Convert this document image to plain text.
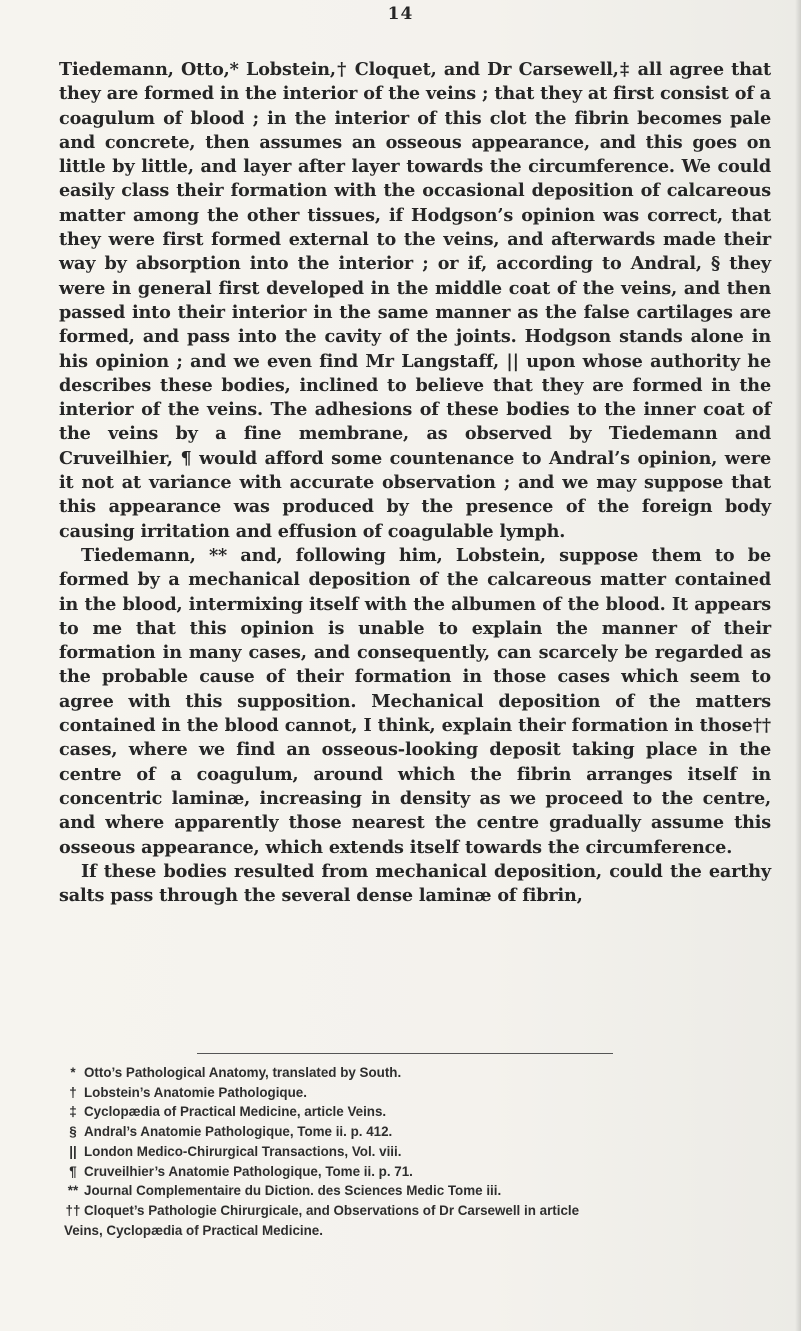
14

Tiedemann, Otto,* Lobstein,† Cloquet, and Dr Carsewell,‡ all agree that they are formed in the interior of the veins ; that they at first consist of a coagulum of blood ; in the interior of this clot the fibrin becomes pale and concrete, then assumes an osseous appearance, and this goes on little by little, and layer after layer towards the circumference. We could easily class their formation with the occasional deposition of calcareous matter among the other tissues, if Hodgson’s opinion was correct, that they were first formed external to the veins, and afterwards made their way by absorption into the interior ; or if, according to Andral, § they were in general first developed in the middle coat of the veins, and then passed into their interior in the same manner as the false cartilages are formed, and pass into the cavity of the joints. Hodgson stands alone in his opinion ; and we even find Mr Langstaff, || upon whose authority he describes these bodies, inclined to believe that they are formed in the interior of the veins. The adhesions of these bodies to the inner coat of the veins by a fine membrane, as observed by Tiedemann and Cruveilhier, ¶ would afford some countenance to Andral’s opinion, were it not at variance with accurate observation ; and we may suppose that this appearance was produced by the presence of the foreign body causing irritation and effusion of coagulable lymph.

Tiedemann, ** and, following him, Lobstein, suppose them to be formed by a mechanical deposition of the calcareous matter contained in the blood, intermixing itself with the albumen of the blood. It appears to me that this opinion is unable to explain the manner of their formation in many cases, and consequently, can scarcely be regarded as the probable cause of their formation in those cases which seem to agree with this supposition. Mechanical deposition of the matters contained in the blood cannot, I think, explain their formation in those†† cases, where we find an osseous-looking deposit taking place in the centre of a coagulum, around which the fibrin arranges itself in concentric laminæ, increasing in density as we proceed to the centre, and where apparently those nearest the centre gradually assume this osseous appearance, which extends itself towards the circumference.

If these bodies resulted from mechanical deposition, could the earthy salts pass through the several dense laminæ of fibrin,

* Otto’s Pathological Anatomy, translated by South.
† Lobstein’s Anatomie Pathologique.
‡ Cyclopædia of Practical Medicine, article Veins.
§ Andral’s Anatomie Pathologique, Tome ii. p. 412.
|| London Medico-Chirurgical Transactions, Vol. viii.
¶ Cruveilhier’s Anatomie Pathologique, Tome ii. p. 71.
** Journal Complementaire du Diction. des Sciences Medic Tome iii.
†† Cloquet’s Pathologie Chirurgicale, and Observations of Dr Carsewell in article
Veins, Cyclopædia of Practical Medicine.
